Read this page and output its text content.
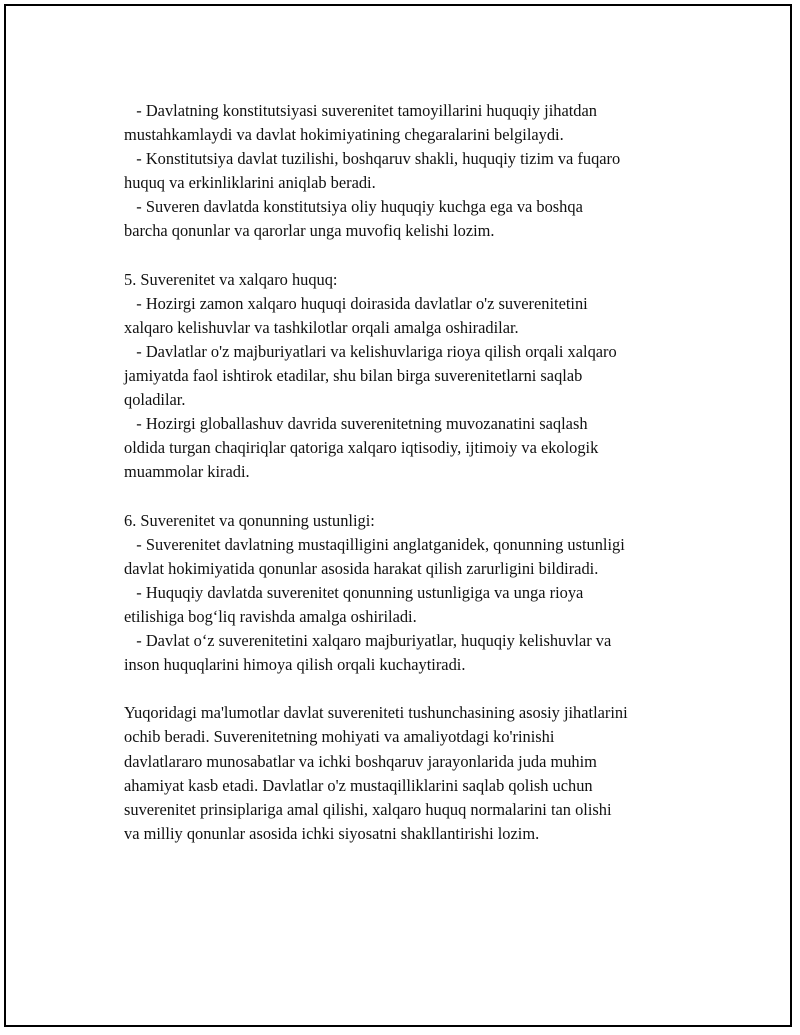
- Davlatning konstitutsiyasi suverenitet tamoyillarini huquqiy jihatdan
mustahkamlaydi va davlat hokimiyatining chegaralarini belgilaydi.
- Konstitutsiya davlat tuzilishi, boshqaruv shakli, huquqiy tizim va fuqaro
huquq va erkinliklarini aniqlab beradi.
- Suveren davlatda konstitutsiya oliy huquqiy kuchga ega va boshqa
barcha qonunlar va qarorlar unga muvofiq kelishi lozim.
5. Suverenitet va xalqaro huquq:
- Hozirgi zamon xalqaro huquqi doirasida davlatlar o'z suverenitetini
xalqaro kelishuvlar va tashkilotlar orqali amalga oshiradilar.
- Davlatlar o'z majburiyatlari va kelishuvlariga rioya qilish orqali xalqaro
jamiyatda faol ishtirok etadilar, shu bilan birga suverenitetlarni saqlab
qoladilar.
- Hozirgi globallashuv davrida suverenitetning muvozanatini saqlash
oldida turgan chaqiriqlar qatoriga xalqaro iqtisodiy, ijtimoiy va ekologik
muammolar kiradi.
6. Suverenitet va qonunning ustunligi:
- Suverenitet davlatning mustaqilligini anglatganidek, qonunning ustunligi
davlat hokimiyatida qonunlar asosida harakat qilish zarurligini bildiradi.
- Huquqiy davlatda suverenitet qonunning ustunligiga va unga rioya
etilishiga bog‘liq ravishda amalga oshiriladi.
- Davlat o‘z suverenitetini xalqaro majburiyatlar, huquqiy kelishuvlar va
inson huquqlarini himoya qilish orqali kuchaytiradi.
Yuqoridagi ma'lumotlar davlat suvereniteti tushunchasining asosiy jihatlarini
ochib beradi. Suverenitetning mohiyati va amaliyotdagi ko'rinishi
davlatlararo munosabatlar va ichki boshqaruv jarayonlarida juda muhim
ahamiyat kasb etadi. Davlatlar o'z mustaqilliklarini saqlab qolish uchun
suverenitet prinsiplariga amal qilishi, xalqaro huquq normalarini tan olishi
va milliy qonunlar asosida ichki siyosatni shakllantirishi lozim.
